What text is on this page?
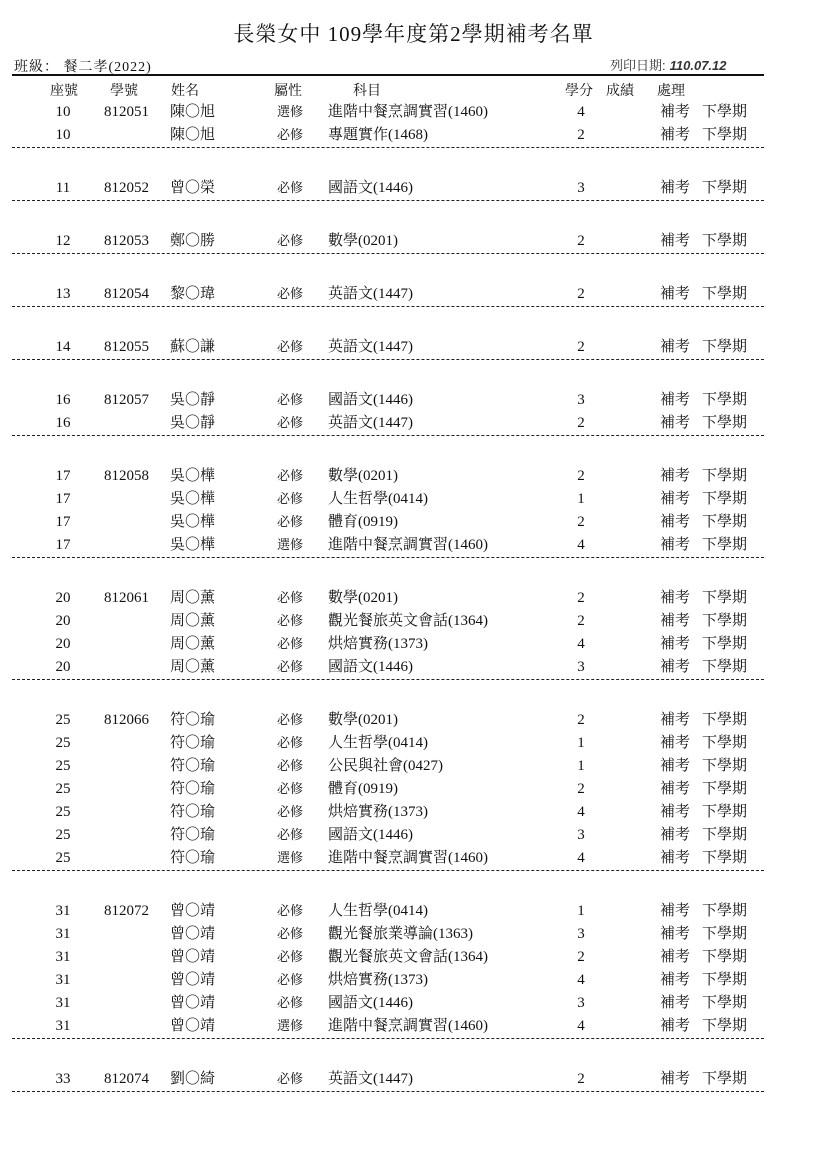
長榮女中 109學年度第2學期補考名單
班級： 餐二孝(2022)	列印日期: 110.07.12
座號 學號 姓名	屬性	科目	學分 成績 處理
10 812051 陳〇旭	選修 進階中餐烹調實習(1460)	4	補考 下學期
10	陳〇旭	必修 專題實作(1468)	2	補考 下學期
11 812052 曾〇榮	必修 國語文(1446)	3	補考 下學期
12 812053 鄭〇勝	必修 數學(0201)	2	補考 下學期
13 812054 黎〇瑋	必修 英語文(1447)	2	補考 下學期
14 812055 蘇〇謙	必修 英語文(1447)	2	補考 下學期
16 812057 吳〇靜	必修 國語文(1446)	3	補考 下學期
16	吳〇靜	必修 英語文(1447)	2	補考 下學期
17 812058 吳〇樺	必修 數學(0201)	2	補考 下學期
17	吳〇樺	必修 人生哲學(0414)	1	補考 下學期
17	吳〇樺	必修 體育(0919)	2	補考 下學期
17	吳〇樺	選修 進階中餐烹調實習(1460)	4	補考 下學期
20 812061 周〇薰	必修 數學(0201)	2	補考 下學期
20	周〇薰	必修 觀光餐旅英文會話(1364)	2	補考 下學期
20	周〇薰	必修 烘焙實務(1373)	4	補考 下學期
20	周〇薰	必修 國語文(1446)	3	補考 下學期
25 812066 符〇瑜	必修 數學(0201)	2	補考 下學期
25	符〇瑜	必修 人生哲學(0414)	1	補考 下學期
25	符〇瑜	必修 公民與社會(0427)	1	補考 下學期
25	符〇瑜	必修 體育(0919)	2	補考 下學期
25	符〇瑜	必修 烘焙實務(1373)	4	補考 下學期
25	符〇瑜	必修 國語文(1446)	3	補考 下學期
25	符〇瑜	選修 進階中餐烹調實習(1460)	4	補考 下學期
31 812072 曾〇靖	必修 人生哲學(0414)	1	補考 下學期
31	曾〇靖	必修 觀光餐旅業導論(1363)	3	補考 下學期
31	曾〇靖	必修 觀光餐旅英文會話(1364)	2	補考 下學期
31	曾〇靖	必修 烘焙實務(1373)	4	補考 下學期
31	曾〇靖	必修 國語文(1446)	3	補考 下學期
31	曾〇靖	選修 進階中餐烹調實習(1460)	4	補考 下學期
33 812074 劉〇綺	必修 英語文(1447)	2	補考 下學期
